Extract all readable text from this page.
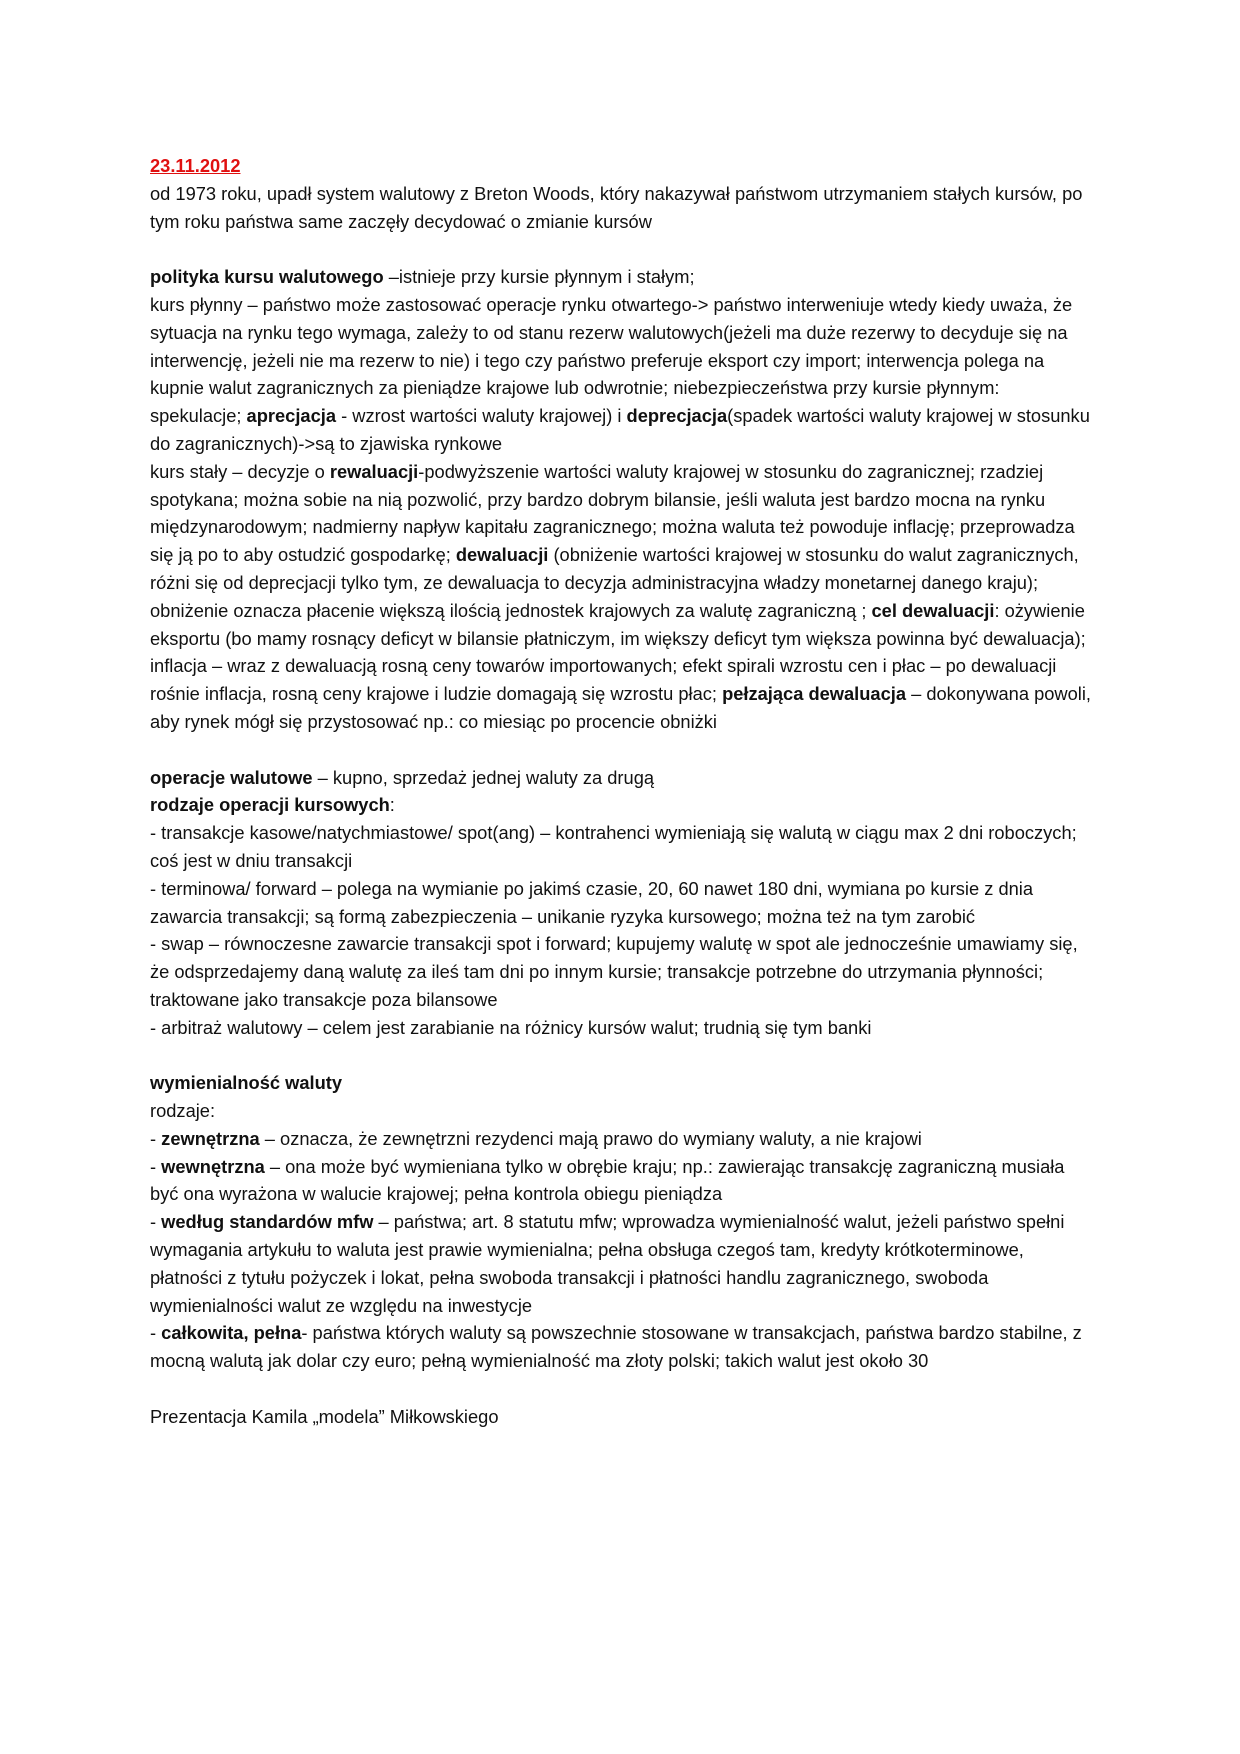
23.11.2012

od 1973 roku, upadł system walutowy z Breton Woods, który nakazywał państwom utrzymaniem stałych kursów, po tym roku państwa same zaczęły decydować o zmianie kursów

polityka kursu walutowego –istnieje przy kursie płynnym i stałym;

kurs płynny – państwo może zastosować operacje rynku otwartego-> państwo interweniuje wtedy kiedy uważa, że sytuacja na rynku tego wymaga, zależy to od stanu rezerw walutowych(jeżeli ma duże rezerwy to decyduje się na interwencję, jeżeli nie ma rezerw to nie) i tego czy państwo preferuje eksport czy import; interwencja polega na kupnie walut zagranicznych za pieniądze krajowe lub odwrotnie; niebezpieczeństwa przy kursie płynnym: spekulacje; aprecjacja - wzrost wartości waluty krajowej) i deprecjacja(spadek wartości waluty krajowej w stosunku do zagranicznych)->są to zjawiska rynkowe

kurs stały – decyzje o rewaluacji-podwyższenie wartości waluty krajowej w stosunku do zagranicznej; rzadziej spotykana; można sobie na nią pozwolić, przy bardzo dobrym bilansie, jeśli waluta jest bardzo mocna na rynku międzynarodowym; nadmierny napływ kapitału zagranicznego; można waluta też powoduje inflację; przeprowadza się ją po to aby ostudzić gospodarkę; dewaluacji (obniżenie wartości krajowej w stosunku do walut zagranicznych, różni się od deprecjacji tylko tym, ze dewaluacja to decyzja administracyjna władzy monetarnej danego kraju); obniżenie oznacza płacenie większą ilością jednostek krajowych za walutę zagraniczną ; cel dewaluacji: ożywienie eksportu (bo mamy rosnący deficyt w bilansie płatniczym, im większy deficyt tym większa powinna być dewaluacja); inflacja – wraz z dewaluacją rosną ceny towarów importowanych; efekt spirali wzrostu cen i płac – po dewaluacji rośnie inflacja, rosną ceny krajowe i ludzie domagają się wzrostu płac; pełzająca dewaluacja – dokonywana powoli, aby rynek mógł się przystosować np.: co miesiąc po procencie obniżki

operacje walutowe – kupno, sprzedaż jednej waluty za drugą

rodzaje operacji kursowych:

- transakcje kasowe/natychmiastowe/ spot(ang) – kontrahenci wymieniają się walutą w ciągu max 2 dni roboczych; coś jest w dniu transakcji

- terminowa/ forward – polega na wymianie po jakimś czasie, 20, 60 nawet 180 dni, wymiana po kursie z dnia zawarcia transakcji; są formą zabezpieczenia – unikanie ryzyka kursowego; można też na tym zarobić

- swap – równoczesne zawarcie transakcji spot i forward; kupujemy walutę w spot ale jednocześnie umawiamy się, że odsprzedajemy daną walutę za ileś tam dni po innym kursie; transakcje potrzebne do utrzymania płynności; traktowane jako transakcje poza bilansowe

- arbitraż walutowy – celem jest zarabianie na różnicy kursów walut; trudnią się tym banki

wymienialność waluty

rodzaje:

- zewnętrzna – oznacza, że zewnętrzni rezydenci mają prawo do wymiany waluty, a nie krajowi

- wewnętrzna – ona może być wymieniana tylko w obrębie kraju; np.: zawierając transakcję zagraniczną musiała być ona wyrażona w walucie krajowej; pełna kontrola obiegu pieniądza

- według standardów mfw – państwa; art. 8 statutu mfw; wprowadza wymienialność walut, jeżeli państwo spełni wymagania artykułu to waluta jest prawie wymienialna; pełna obsługa czegoś tam, kredyty krótkoterminowe, płatności z tytułu pożyczek i lokat, pełna swoboda transakcji i płatności handlu zagranicznego, swoboda wymienialności walut ze względu na inwestycje

- całkowita, pełna- państwa których waluty są powszechnie stosowane w transakcjach, państwa bardzo stabilne, z mocną walutą jak dolar czy euro; pełną wymienialność ma złoty polski; takich walut jest około 30

Prezentacja Kamila „modela” Miłkowskiego
